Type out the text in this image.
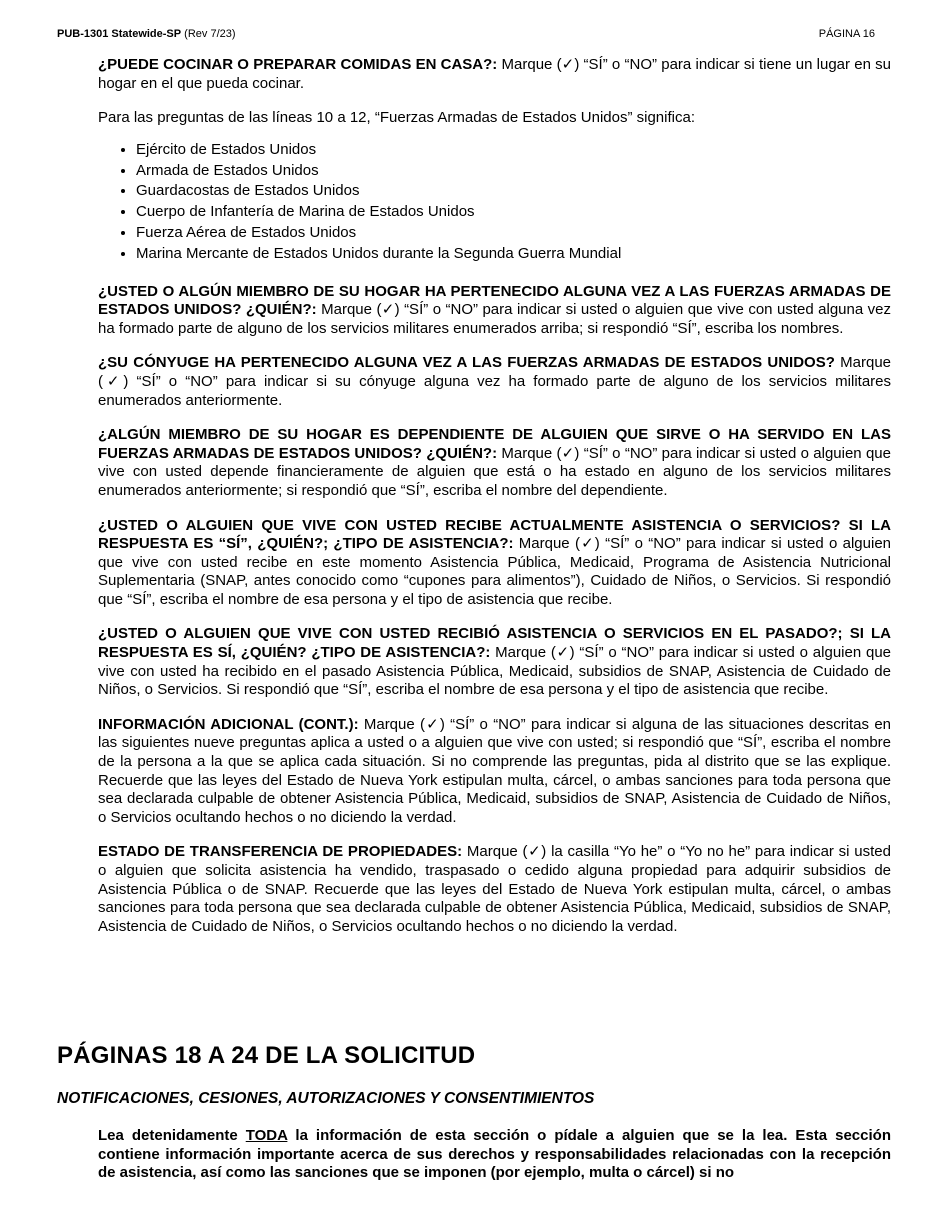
PUB-1301 Statewide-SP (Rev 7/23)	PÁGINA 16

¿PUEDE COCINAR O PREPARAR COMIDAS EN CASA?: Marque (✓) “SÍ” o “NO” para indicar si tiene un lugar en su hogar en el que pueda cocinar.

Para las preguntas de las líneas 10 a 12, “Fuerzas Armadas de Estados Unidos” significa:

• Ejército de Estados Unidos
• Armada de Estados Unidos
• Guardacostas de Estados Unidos
• Cuerpo de Infantería de Marina de Estados Unidos
• Fuerza Aérea de Estados Unidos
• Marina Mercante de Estados Unidos durante la Segunda Guerra Mundial

¿USTED O ALGÚN MIEMBRO DE SU HOGAR HA PERTENECIDO ALGUNA VEZ A LAS FUERZAS ARMADAS DE ESTADOS UNIDOS? ¿QUIÉN?: Marque (✓) “SÍ” o “NO” para indicar si usted o alguien que vive con usted alguna vez ha formado parte de alguno de los servicios militares enumerados arriba; si respondió “SÍ”, escriba los nombres.

¿SU CÓNYUGE HA PERTENECIDO ALGUNA VEZ A LAS FUERZAS ARMADAS DE ESTADOS UNIDOS? Marque (✓) “SÍ” o “NO” para indicar si su cónyuge alguna vez ha formado parte de alguno de los servicios militares enumerados anteriormente.

¿ALGÚN MIEMBRO DE SU HOGAR ES DEPENDIENTE DE ALGUIEN QUE SIRVE O HA SERVIDO EN LAS FUERZAS ARMADAS DE ESTADOS UNIDOS? ¿QUIÉN?: Marque (✓) “SÍ” o “NO” para indicar si usted o alguien que vive con usted depende financieramente de alguien que está o ha estado en alguno de los servicios militares enumerados anteriormente; si respondió que “SÍ”, escriba el nombre del dependiente.

¿USTED O ALGUIEN QUE VIVE CON USTED RECIBE ACTUALMENTE ASISTENCIA O SERVICIOS? SI LA RESPUESTA ES “SÍ”, ¿QUIÉN?; ¿TIPO DE ASISTENCIA?: Marque (✓) “SÍ” o “NO” para indicar si usted o alguien que vive con usted recibe en este momento Asistencia Pública, Medicaid, Programa de Asistencia Nutricional Suplementaria (SNAP, antes conocido como “cupones para alimentos”), Cuidado de Niños, o Servicios. Si respondió que “SÍ”, escriba el nombre de esa persona y el tipo de asistencia que recibe.

¿USTED O ALGUIEN QUE VIVE CON USTED RECIBIÓ ASISTENCIA O SERVICIOS EN EL PASADO?; SI LA RESPUESTA ES SÍ, ¿QUIÉN? ¿TIPO DE ASISTENCIA?: Marque (✓) “SÍ” o “NO” para indicar si usted o alguien que vive con usted ha recibido en el pasado Asistencia Pública, Medicaid, subsidios de SNAP, Asistencia de Cuidado de Niños, o Servicios. Si respondió que “SÍ”, escriba el nombre de esa persona y el tipo de asistencia que recibe.

INFORMACIÓN ADICIONAL (CONT.): Marque (✓) “SÍ” o “NO” para indicar si alguna de las situaciones descritas en las siguientes nueve preguntas aplica a usted o a alguien que vive con usted; si respondió que “SÍ”, escriba el nombre de la persona a la que se aplica cada situación. Si no comprende las preguntas, pida al distrito que se las explique. Recuerde que las leyes del Estado de Nueva York estipulan multa, cárcel, o ambas sanciones para toda persona que sea declarada culpable de obtener Asistencia Pública, Medicaid, subsidios de SNAP, Asistencia de Cuidado de Niños, o Servicios ocultando hechos o no diciendo la verdad.

ESTADO DE TRANSFERENCIA DE PROPIEDADES: Marque (✓) la casilla “Yo he” o “Yo no he” para indicar si usted o alguien que solicita asistencia ha vendido, traspasado o cedido alguna propiedad para adquirir subsidios de Asistencia Pública o de SNAP. Recuerde que las leyes del Estado de Nueva York estipulan multa, cárcel, o ambas sanciones para toda persona que sea declarada culpable de obtener Asistencia Pública, Medicaid, subsidios de SNAP, Asistencia de Cuidado de Niños, o Servicios ocultando hechos o no diciendo la verdad.

PÁGINAS 18 A 24 DE LA SOLICITUD
NOTIFICACIONES, CESIONES, AUTORIZACIONES Y CONSENTIMIENTOS
Lea detenidamente TODA la información de esta sección o pídale a alguien que se la lea. Esta sección contiene información importante acerca de sus derechos y responsabilidades relacionadas con la recepción de asistencia, así como las sanciones que se imponen (por ejemplo, multa o cárcel) si no
